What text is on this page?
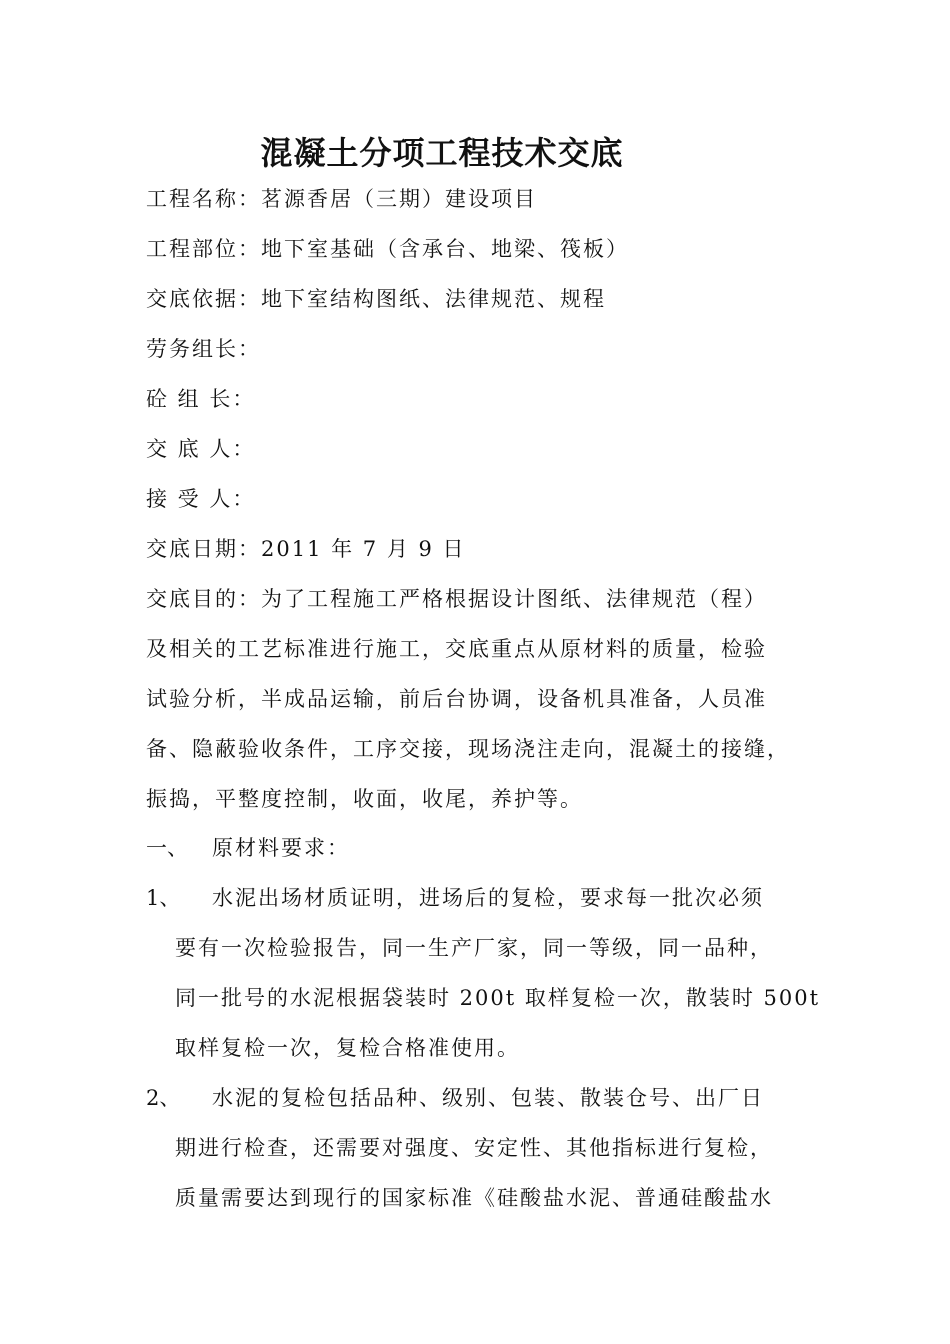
混凝土分项工程技术交底
工程名称：茗源香居（三期）建设项目
工程部位：地下室基础（含承台、地梁、筏板）
交底依据：地下室结构图纸、法律规范、规程
劳务组长：
砼 组 长：
交 底 人：
接 受 人：
交底日期：2011 年 7 月 9 日
交底目的：为了工程施工严格根据设计图纸、法律规范（程）
及相关的工艺标准进行施工，交底重点从原材料的质量，检验
试验分析，半成品运输，前后台协调，设备机具准备，人员准
备、隐蔽验收条件，工序交接，现场浇注走向，混凝土的接缝，
振捣，平整度控制，收面，收尾，养护等。
一、 原材料要求：
1、 水泥出场材质证明，进场后的复检，要求每一批次必须
要有一次检验报告，同一生产厂家，同一等级，同一品种，
同一批号的水泥根据袋装时 200t 取样复检一次，散装时 500t
取样复检一次，复检合格准使用。
2、 水泥的复检包括品种、级别、包装、散装仓号、出厂日
期进行检查，还需要对强度、安定性、其他指标进行复检，
质量需要达到现行的国家标准《硅酸盐水泥、普通硅酸盐水
